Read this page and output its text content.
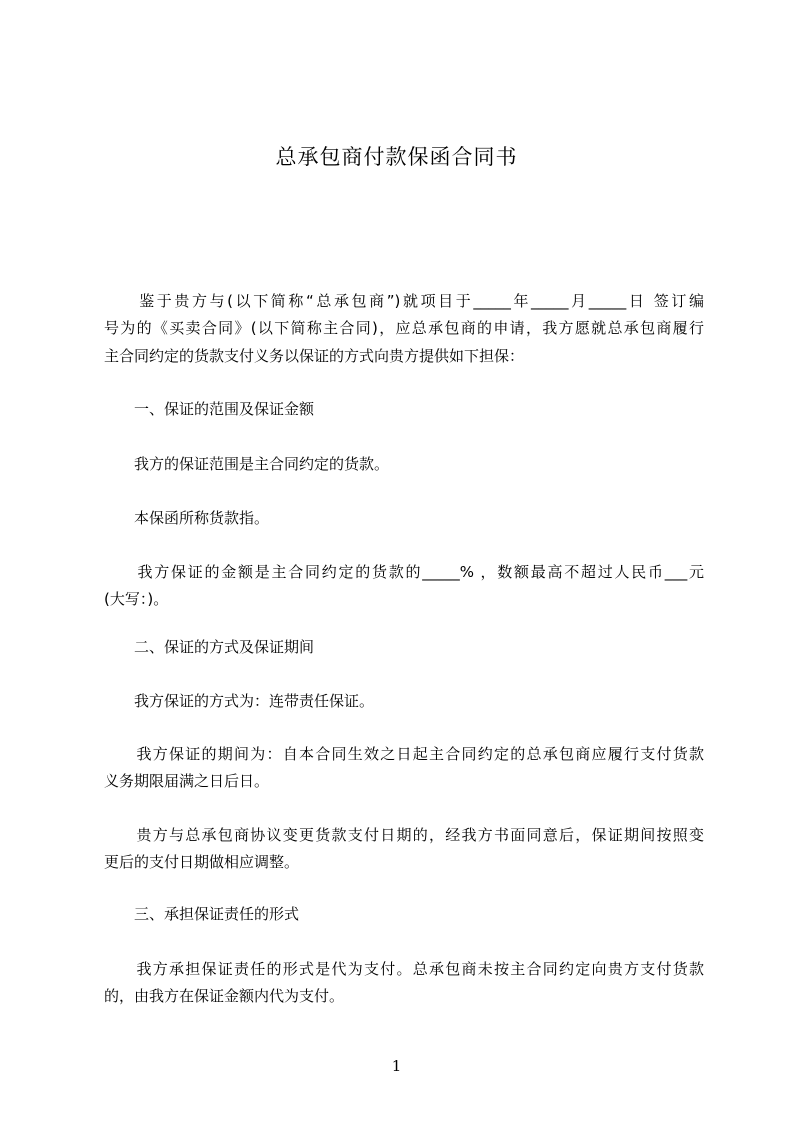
总承包商付款保函合同书
　　鉴于贵方与(以下简称“总承包商”)就项目于_____年_____月_____日 签订编
号为的《买卖合同》(以下简称主合同)，应总承包商的申请，我方愿就总承包商履行
主合同约定的货款支付义务以保证的方式向贵方提供如下担保：
　　一、保证的范围及保证金额
　　我方的保证范围是主合同约定的货款。
　　本保函所称货款指。
　　我方保证的金额是主合同约定的货款的_____% ，数额最高不超过人民币___元
(大写：)。
　　二、保证的方式及保证期间
　　我方保证的方式为：连带责任保证。
　　我方保证的期间为：自本合同生效之日起主合同约定的总承包商应履行支付货款
义务期限届满之日后日。
　　贵方与总承包商协议变更货款支付日期的，经我方书面同意后，保证期间按照变
更后的支付日期做相应调整。
　　三、承担保证责任的形式
　　我方承担保证责任的形式是代为支付。总承包商未按主合同约定向贵方支付货款
的，由我方在保证金额内代为支付。
1
